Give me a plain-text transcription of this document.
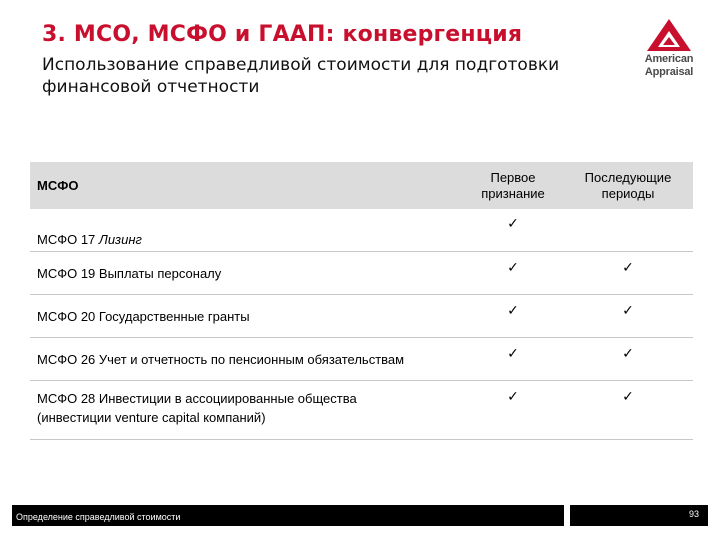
3. МСО, МСФО и ГААП: конвергенция
Использование справедливой стоимости для подготовки финансовой отчетности
American
Appraisal
МСФО	Первое признание	Последующие периоды
МСФО 17 Лизинг	✓	
МСФО 19 Выплаты персоналу	✓	✓
МСФО 20 Государственные гранты	✓	✓
МСФО 26 Учет и отчетность по пенсионным обязательствам	✓	✓
МСФО 28 Инвестиции в ассоциированные общества
(инвестиции venture capital компаний)	✓	✓
Определение справедливой стоимости	93
